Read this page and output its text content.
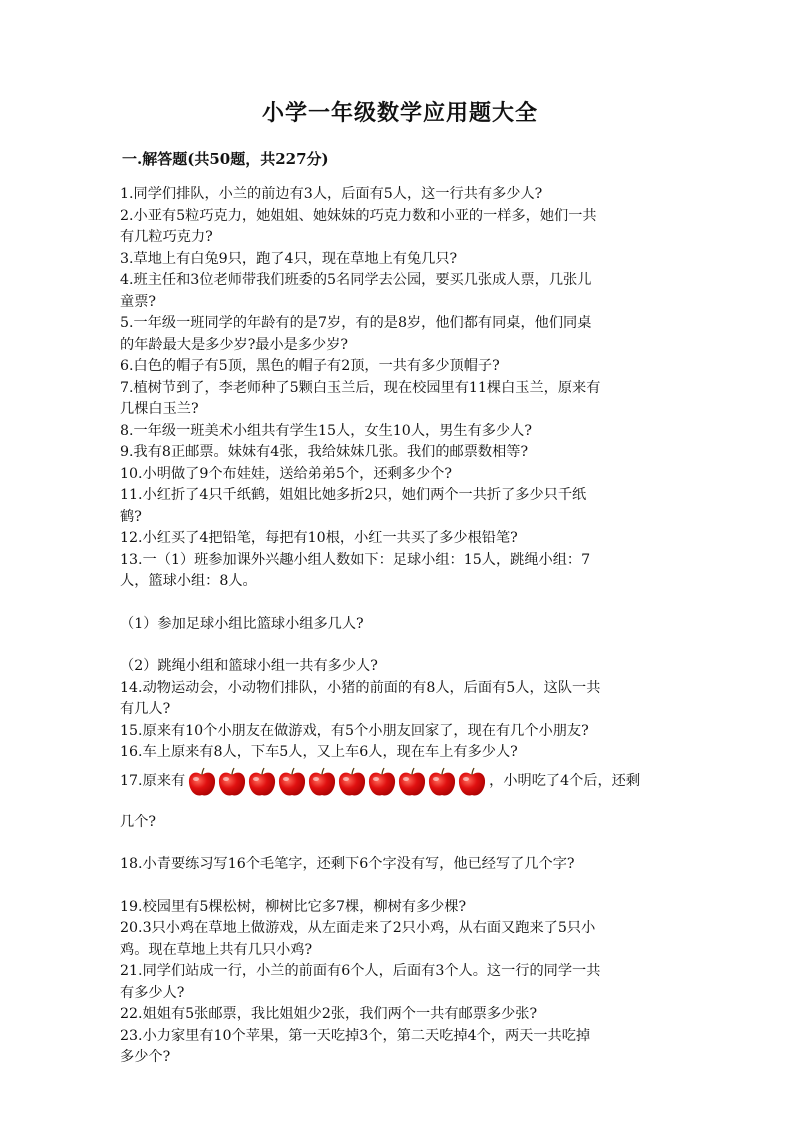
小学一年级数学应用题大全
一.解答题(共50题，共227分)
1.同学们排队，小兰的前边有3人，后面有5人，这一行共有多少人?
2.小亚有5粒巧克力，她姐姐、她妹妹的巧克力数和小亚的一样多，她们一共
有几粒巧克力?
3.草地上有白兔9只，跑了4只，现在草地上有兔几只?
4.班主任和3位老师带我们班委的5名同学去公园，要买几张成人票，几张儿
童票?
5.一年级一班同学的年龄有的是7岁，有的是8岁，他们都有同桌，他们同桌
的年龄最大是多少岁?最小是多少岁?
6.白色的帽子有5顶，黑色的帽子有2顶，一共有多少顶帽子?
7.植树节到了，李老师种了5颗白玉兰后，现在校园里有11棵白玉兰，原来有
几棵白玉兰?
8.一年级一班美术小组共有学生15人，女生10人，男生有多少人?
9.我有8正邮票。妹妹有4张，我给妹妹几张。我们的邮票数相等?
10.小明做了9个布娃娃，送给弟弟5个，还剩多少个?
11.小红折了4只千纸鹤，姐姐比她多折2只，她们两个一共折了多少只千纸
鹤?
12.小红买了4把铅笔，每把有10根，小红一共买了多少根铅笔?
13.一（1）班参加课外兴趣小组人数如下：足球小组：15人，跳绳小组：7
人，篮球小组：8人。
（1）参加足球小组比篮球小组多几人?
（2）跳绳小组和篮球小组一共有多少人?
14.动物运动会，小动物们排队，小猪的前面的有8人，后面有5人，这队一共
有几人?
15.原来有10个小朋友在做游戏，有5个小朋友回家了，现在有几个小朋友?
16.车上原来有8人，下车5人，又上车6人，现在车上有多少人?
17.原来有	，小明吃了4个后，还剩
几个?
18.小青要练习写16个毛笔字，还剩下6个字没有写，他已经写了几个字?
19.校园里有5棵松树，柳树比它多7棵，柳树有多少棵?
20.3只小鸡在草地上做游戏，从左面走来了2只小鸡，从右面又跑来了5只小
鸡。现在草地上共有几只小鸡?
21.同学们站成一行，小兰的前面有6个人，后面有3个人。这一行的同学一共
有多少人?
22.姐姐有5张邮票，我比姐姐少2张，我们两个一共有邮票多少张?
23.小力家里有10个苹果，第一天吃掉3个，第二天吃掉4个，两天一共吃掉
多少个?
